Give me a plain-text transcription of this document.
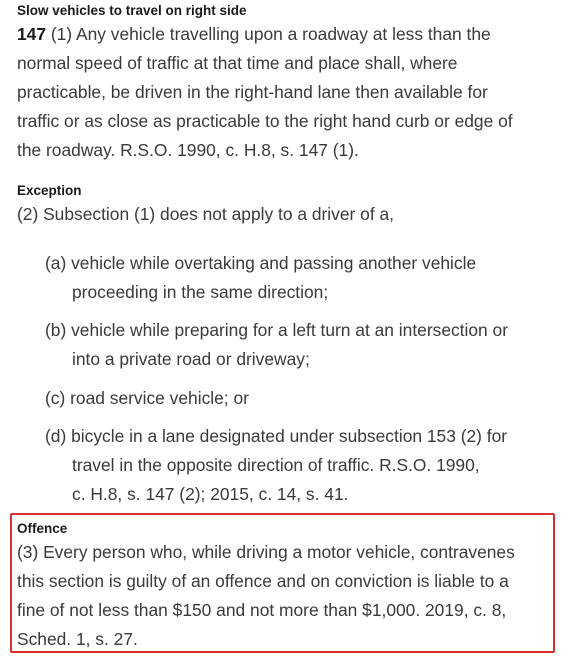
Slow vehicles to travel on right side
147 (1) Any vehicle travelling upon a roadway at less than the
normal speed of traffic at that time and place shall, where
practicable, be driven in the right-hand lane then available for
traffic or as close as practicable to the right hand curb or edge of
the roadway. R.S.O. 1990, c. H.8, s. 147 (1).
Exception
(2) Subsection (1) does not apply to a driver of a,
(a) vehicle while overtaking and passing another vehicle
proceeding in the same direction;
(b) vehicle while preparing for a left turn at an intersection or
into a private road or driveway;
(c) road service vehicle; or
(d) bicycle in a lane designated under subsection 153 (2) for
travel in the opposite direction of traffic. R.S.O. 1990,
c. H.8, s. 147 (2); 2015, c. 14, s. 41.
Offence
(3) Every person who, while driving a motor vehicle, contravenes
this section is guilty of an offence and on conviction is liable to a
fine of not less than $150 and not more than $1,000. 2019, c. 8,
Sched. 1, s. 27.
